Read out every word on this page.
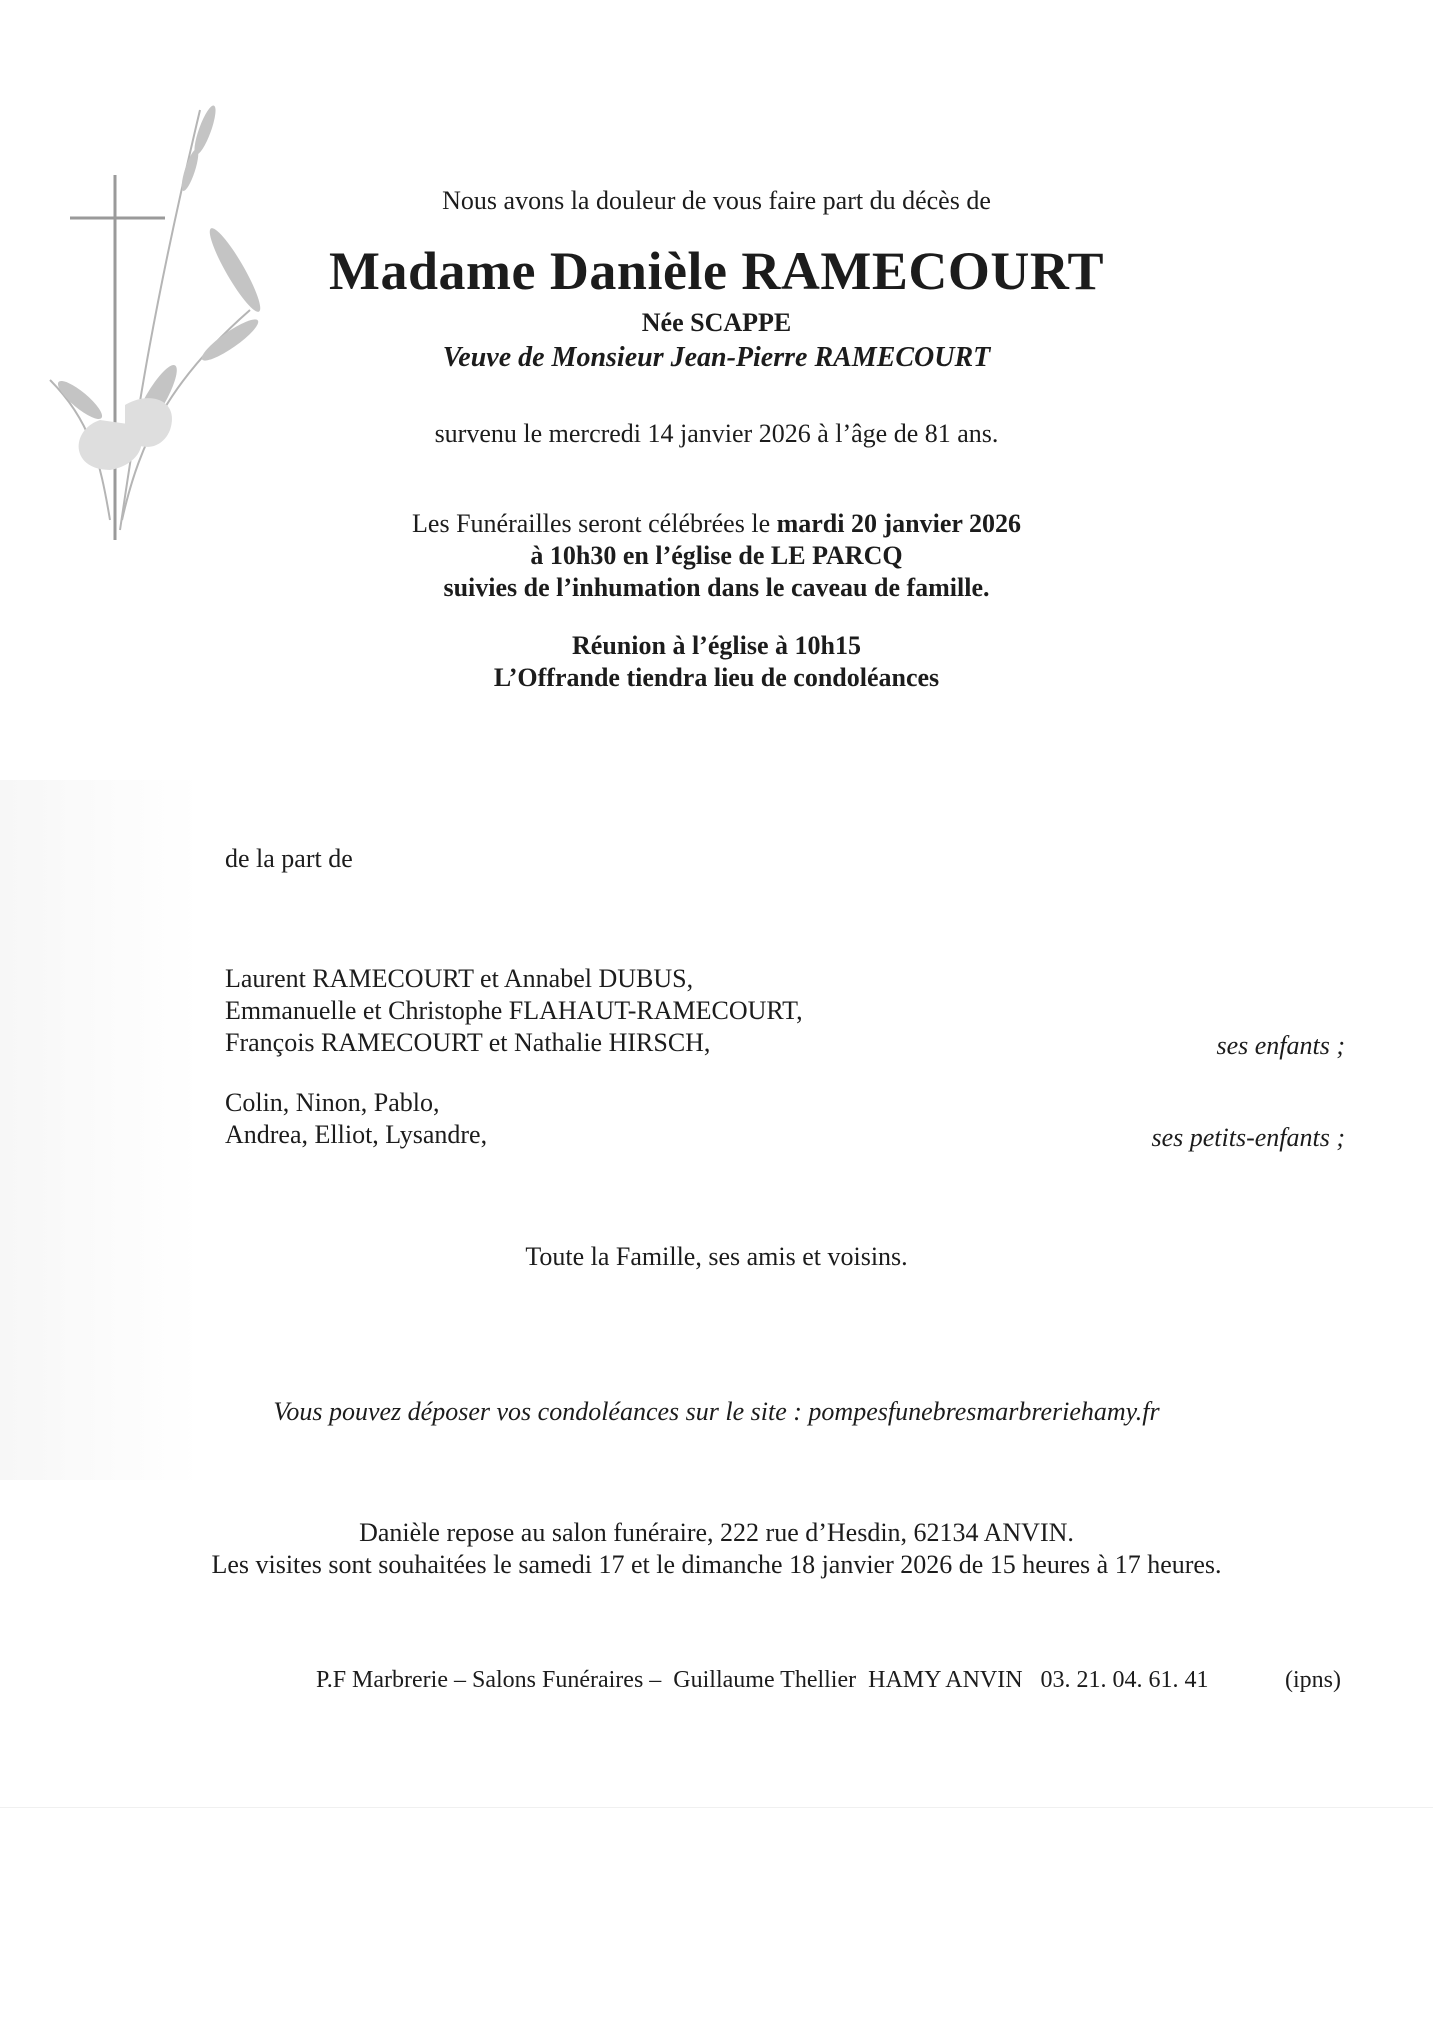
Nous avons la douleur de vous faire part du décès de
Madame Danièle RAMECOURT
Née SCAPPE
Veuve de Monsieur Jean-Pierre RAMECOURT
survenu le mercredi 14 janvier 2026 à l’âge de 81 ans.
Les Funérailles seront célébrées le mardi 20 janvier 2026
à 10h30 en l’église de LE PARCQ
suivies de l’inhumation dans le caveau de famille.
Réunion à l’église à 10h15
L’Offrande tiendra lieu de condoléances
de la part de
Laurent RAMECOURT et Annabel DUBUS,
Emmanuelle et Christophe FLAHAUT-RAMECOURT,
François RAMECOURT et Nathalie HIRSCH,	ses enfants ;
Colin, Ninon, Pablo,
Andrea, Elliot, Lysandre,	ses petits-enfants ;
Toute la Famille, ses amis et voisins.
Vous pouvez déposer vos condoléances sur le site : pompesfunebresmarbreriehamy.fr
Danièle repose au salon funéraire, 222 rue d’Hesdin, 62134 ANVIN.
Les visites sont souhaitées le samedi 17 et le dimanche 18 janvier 2026 de 15 heures à 17 heures.
P.F Marbrerie – Salons Funéraires –  Guillaume Thellier  HAMY ANVIN   03. 21. 04. 61. 41	(ipns)
